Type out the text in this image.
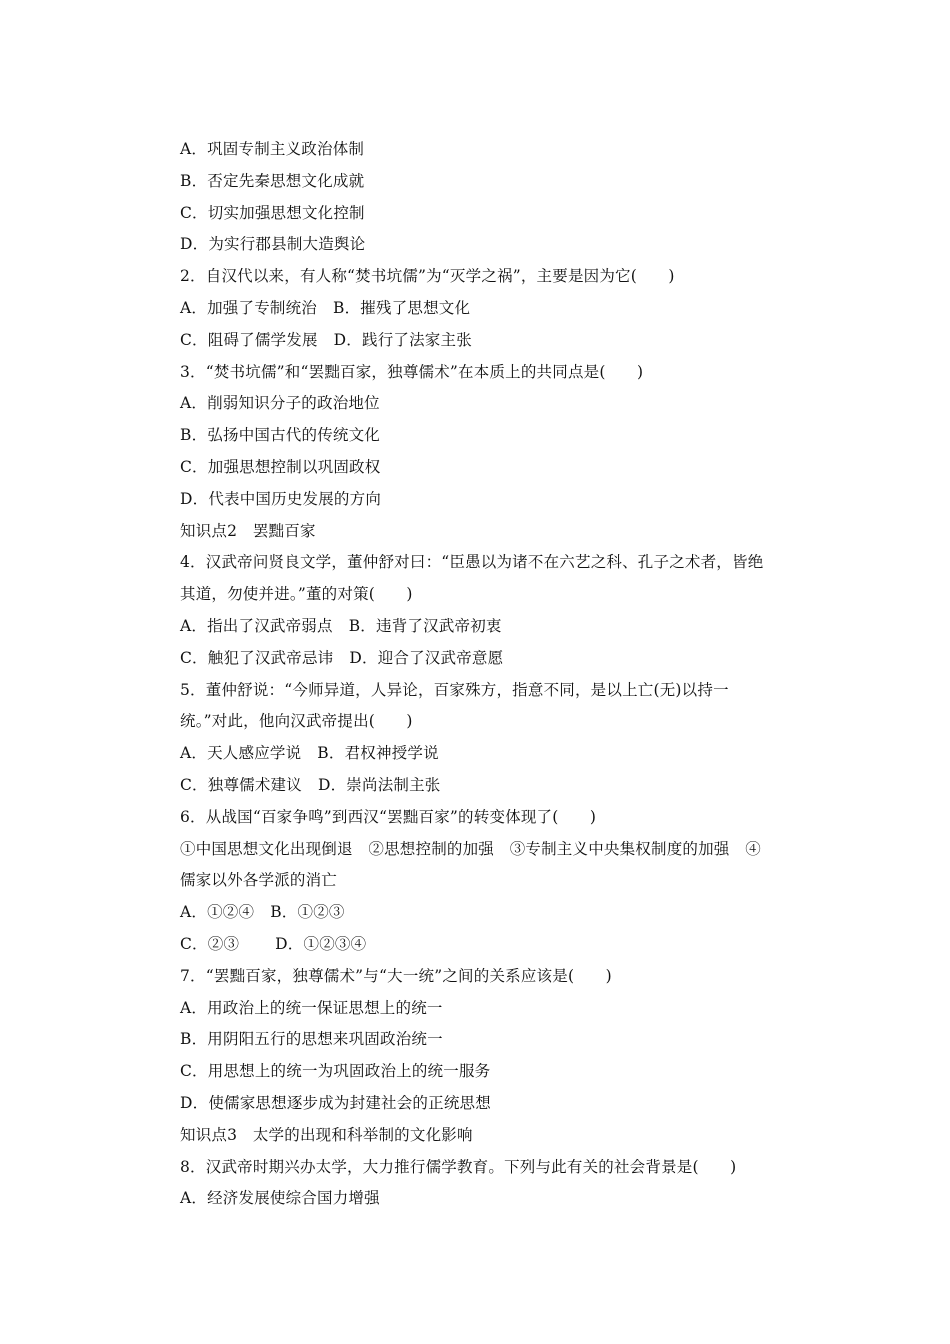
A．巩固专制主义政治体制
B．否定先秦思想文化成就
C．切实加强思想文化控制
D．为实行郡县制大造舆论
2．自汉代以来，有人称“焚书坑儒”为“灭学之祸”，主要是因为它(　　)
A．加强了专制统治 B．摧残了思想文化
C．阻碍了儒学发展 D．践行了法家主张
3．“焚书坑儒”和“罢黜百家，独尊儒术”在本质上的共同点是(　　)
A．削弱知识分子的政治地位
B．弘扬中国古代的传统文化
C．加强思想控制以巩固政权
D．代表中国历史发展的方向
知识点2　罢黜百家
4．汉武帝问贤良文学，董仲舒对曰：“臣愚以为诸不在六艺之科、孔子之术者，皆绝
其道，勿使并进。”董的对策(　　)
A．指出了汉武帝弱点 B．违背了汉武帝初衷
C．触犯了汉武帝忌讳 D．迎合了汉武帝意愿
5．董仲舒说：“今师异道，人异论，百家殊方，指意不同，是以上亡(无)以持一
统。”对此，他向汉武帝提出(　　)
A．天人感应学说 B．君权神授学说
C．独尊儒术建议 D．崇尚法制主张
6．从战国“百家争鸣”到西汉“罢黜百家”的转变体现了(　　)
①中国思想文化出现倒退　②思想控制的加强　③专制主义中央集权制度的加强　④
儒家以外各学派的消亡
A．①②④ B．①②③
C．②③ D．①②③④
7．“罢黜百家，独尊儒术”与“大一统”之间的关系应该是(　　)
A．用政治上的统一保证思想上的统一
B．用阴阳五行的思想来巩固政治统一
C．用思想上的统一为巩固政治上的统一服务
D．使儒家思想逐步成为封建社会的正统思想
知识点3　太学的出现和科举制的文化影响
8．汉武帝时期兴办太学，大力推行儒学教育。下列与此有关的社会背景是(　　)
A．经济发展使综合国力增强
